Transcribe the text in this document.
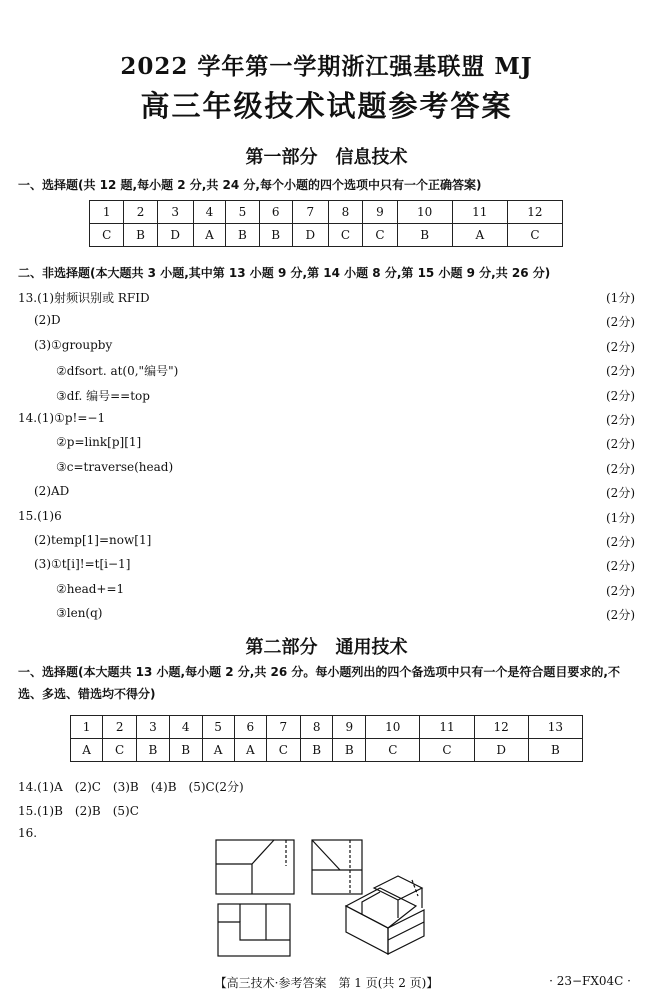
2022 学年第一学期浙江强基联盟 MJ
高三年级技术试题参考答案
第一部分　信息技术
一、选择题(共 12 题,每小题 2 分,共 24 分,每个小题的四个选项中只有一个正确答案)
1	2	3	4	5	6	7	8	9	10	11	12
C	B	D	A	B	B	D	C	C	B	A	C
二、非选择题(本大题共 3 小题,其中第 13 小题 9 分,第 14 小题 8 分,第 15 小题 9 分,共 26 分)
13.(1)射频识别或 RFID	(1分)
(2)D	(2分)
(3)①groupby	(2分)
②dfsort. at(0,"编号")	(2分)
③df. 编号==top	(2分)
14.(1)①p!=−1	(2分)
②p=link[p][1]	(2分)
③c=traverse(head)	(2分)
(2)AD	(2分)
15.(1)6	(1分)
(2)temp[1]=now[1]	(2分)
(3)①t[i]!=t[i−1]	(2分)
②head+=1	(2分)
③len(q)	(2分)
第二部分　通用技术
一、选择题(本大题共 13 小题,每小题 2 分,共 26 分。每小题列出的四个备选项中只有一个是符合题目要求的,不选、多选、错选均不得分)
1	2	3	4	5	6	7	8	9	10	11	12	13
A	C	B	B	A	A	C	B	B	C	C	D	B
14.(1)A　(2)C　(3)B　(4)B　(5)C(2分)
15.(1)B　(2)B　(5)C
16.
【高三技术·参考答案　第 1 页(共 2 页)】	· 23−FX04C ·
